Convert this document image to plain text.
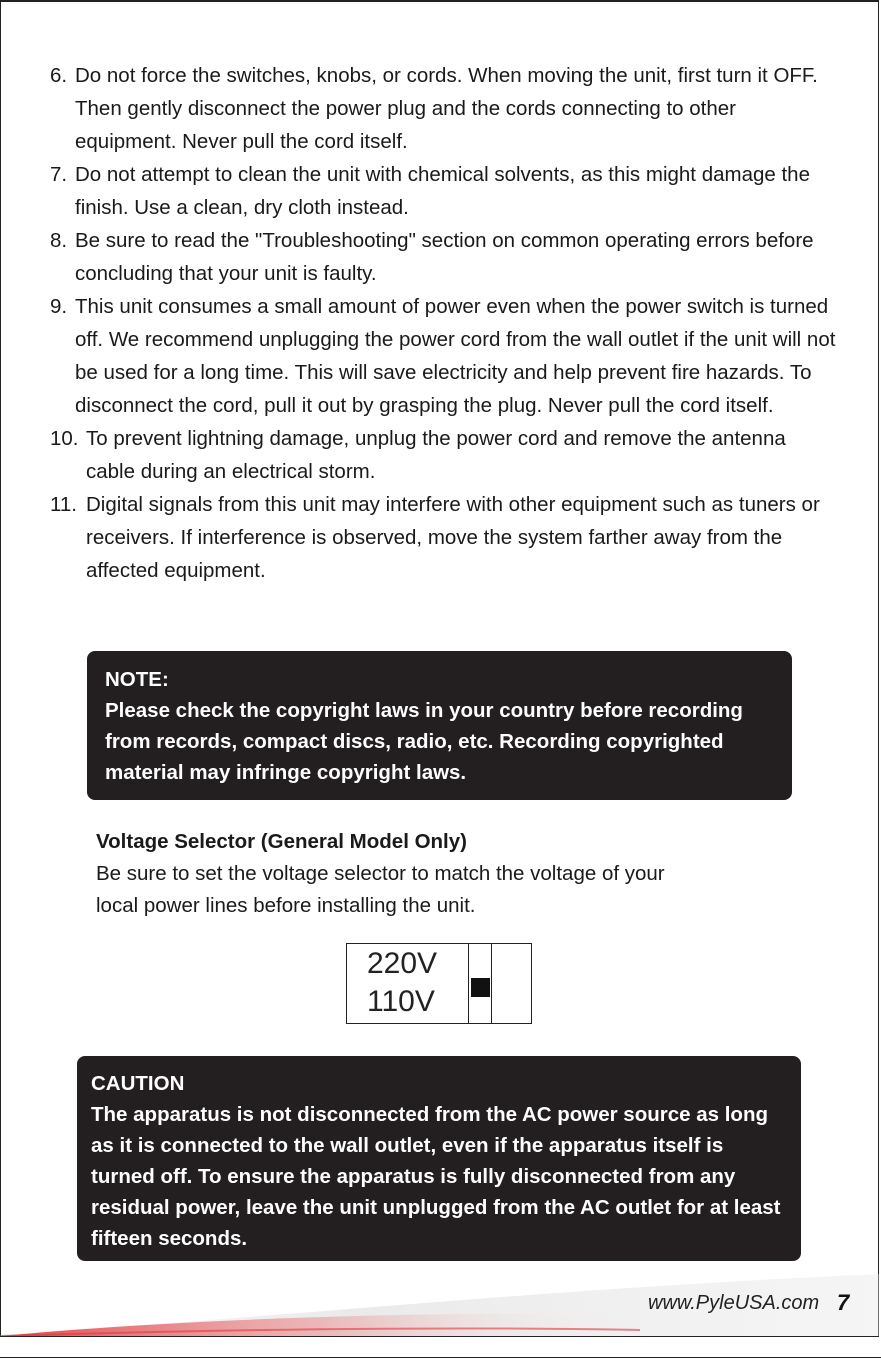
6. Do not force the switches, knobs, or cords. When moving the unit, first turn it OFF. Then gently disconnect the power plug and the cords connecting to other equipment. Never pull the cord itself.
7. Do not attempt to clean the unit with chemical solvents, as this might damage the finish. Use a clean, dry cloth instead.
8. Be sure to read the "Troubleshooting" section on common operating errors before concluding that your unit is faulty.
9. This unit consumes a small amount of power even when the power switch is turned off. We recommend unplugging the power cord from the wall outlet if the unit will not be used for a long time. This will save electricity and help prevent fire hazards. To disconnect the cord, pull it out by grasping the plug. Never pull the cord itself.
10. To prevent lightning damage, unplug the power cord and remove the antenna cable during an electrical storm.
11. Digital signals from this unit may interfere with other equipment such as tuners or receivers. If interference is observed, move the system farther away from the affected equipment.

NOTE:

Please check the copyright laws in your country before recording from records, compact discs, radio, etc. Recording copyrighted material may infringe copyright laws.

Voltage Selector (General Model Only)

Be sure to set the voltage selector to match the voltage of your local power lines before installing the unit.

220V
110V

CAUTION

The apparatus is not disconnected from the AC power source as long as it is connected to the wall outlet, even if the apparatus itself is turned off. To ensure the apparatus is fully disconnected from any residual power, leave the unit unplugged from the AC outlet for at least fifteen seconds.

www.PyleUSA.com 7
